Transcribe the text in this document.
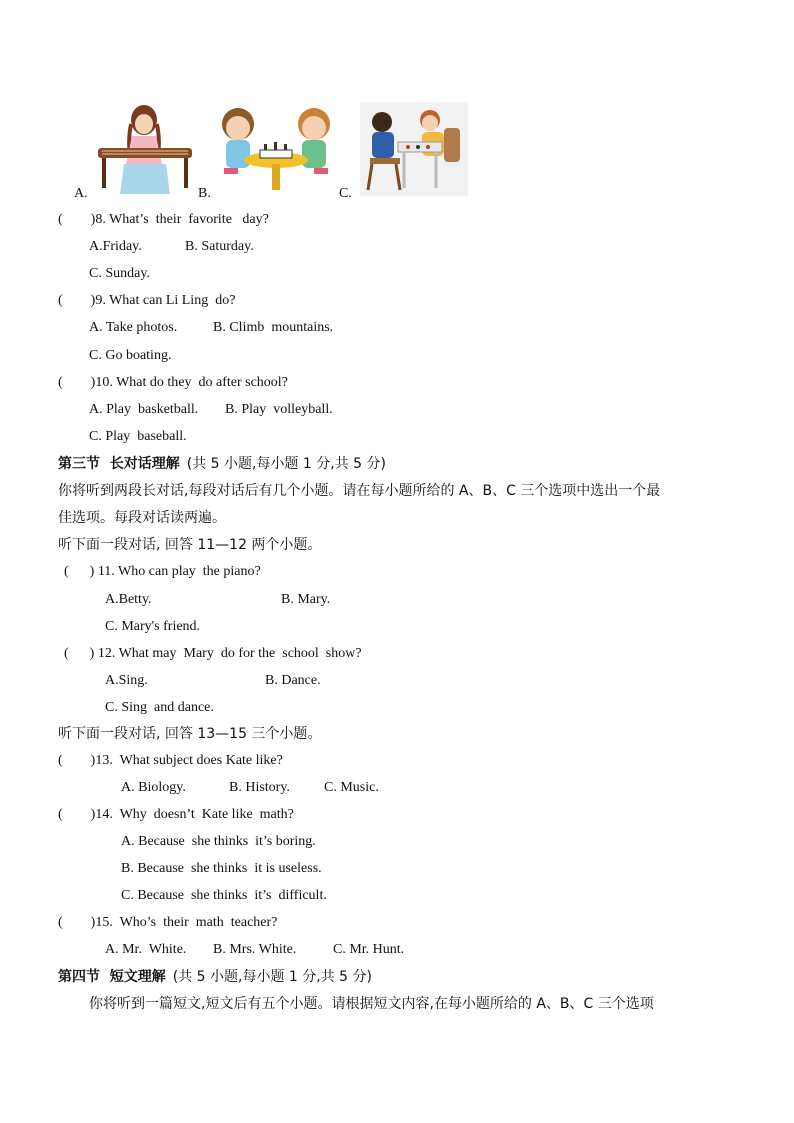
A.	B.	C.
(        )8. What’s  their  favorite   day?
A.Friday.	B. Saturday.
C. Sunday.
(        )9. What can Li Ling  do?
A. Take photos.	B. Climb  mountains.
C. Go boating.
(        )10. What do they  do after school?
A. Play  basketball. B. Play  volleyball.
C. Play  baseball.
第三节  长对话理解 (共 5 小题,每小题 1 分,共 5 分)
你将听到两段长对话,每段对话后有几个小题。请在每小题所给的 A、B、C 三个选项中选出一个最
佳选项。每段对话读两遍。
听下面一段对话, 回答 11—12 两个小题。
(      ) 11. Who can play  the piano?
A.Betty.	B. Mary.
C. Mary's friend.
(      ) 12. What may  Mary  do for the  school  show?
A.Sing.	B. Dance.
C. Sing  and dance.
听下面一段对话, 回答 13—15 三个小题。
(        )13.  What subject does Kate like?
A. Biology.	B. History. C. Music.
(        )14.  Why  doesn’t  Kate like  math?
A. Because  she thinks  it’s boring.
B. Because  she thinks  it is useless.
C. Because  she thinks  it’s  difficult.
(        )15.  Who’s  their  math  teacher?
A. Mr.  White. B. Mrs. White.	C. Mr. Hunt.
第四节  短文理解 (共 5 小题,每小题 1 分,共 5 分)
你将听到一篇短文,短文后有五个小题。请根据短文内容,在每小题所给的 A、B、C 三个选项
